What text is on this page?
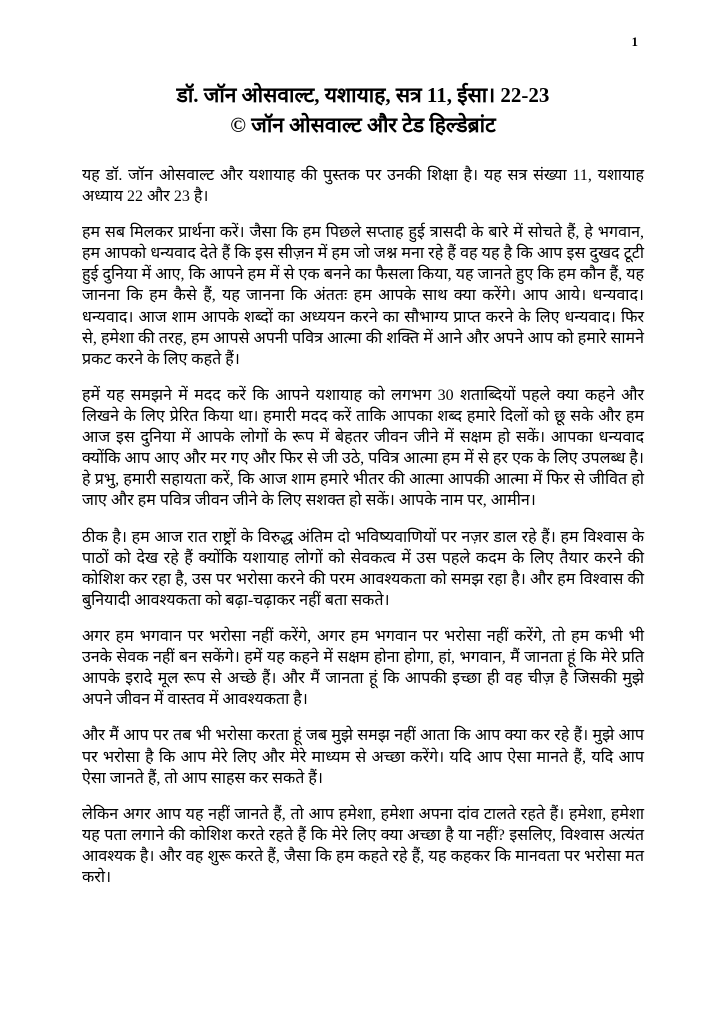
1
डॉ. जॉन ओसवाल्ट, यशायाह, सत्र 11, ईसा। 22-23
© जॉन ओसवाल्ट और टेड हिल्डेब्रांट

यह डॉ. जॉन ओसवाल्ट और यशायाह की पुस्तक पर उनकी शिक्षा है। यह सत्र संख्या 11, यशायाह अध्याय 22 और 23 है।

हम सब मिलकर प्रार्थना करें। जैसा कि हम पिछले सप्ताह हुई त्रासदी के बारे में सोचते हैं, हे भगवान, हम आपको धन्यवाद देते हैं कि इस सीज़न में हम जो जश्न मना रहे हैं वह यह है कि आप इस दुखद टूटी हुई दुनिया में आए, कि आपने हम में से एक बनने का फैसला किया, यह जानते हुए कि हम कौन हैं, यह जानना कि हम कैसे हैं, यह जानना कि अंततः हम आपके साथ क्या करेंगे। आप आये। धन्यवाद। धन्यवाद। आज शाम आपके शब्दों का अध्ययन करने का सौभाग्य प्राप्त करने के लिए धन्यवाद। फिर से, हमेशा की तरह, हम आपसे अपनी पवित्र आत्मा की शक्ति में आने और अपने आप को हमारे सामने प्रकट करने के लिए कहते हैं।

हमें यह समझने में मदद करें कि आपने यशायाह को लगभग 30 शताब्दियों पहले क्या कहने और लिखने के लिए प्रेरित किया था। हमारी मदद करें ताकि आपका शब्द हमारे दिलों को छू सके और हम आज इस दुनिया में आपके लोगों के रूप में बेहतर जीवन जीने में सक्षम हो सकें। आपका धन्यवाद क्योंकि आप आए और मर गए और फिर से जी उठे, पवित्र आत्मा हम में से हर एक के लिए उपलब्ध है। हे प्रभु, हमारी सहायता करें, कि आज शाम हमारे भीतर की आत्मा आपकी आत्मा में फिर से जीवित हो जाए और हम पवित्र जीवन जीने के लिए सशक्त हो सकें। आपके नाम पर, आमीन।

ठीक है। हम आज रात राष्ट्रों के विरुद्ध अंतिम दो भविष्यवाणियों पर नज़र डाल रहे हैं। हम विश्वास के पाठों को देख रहे हैं क्योंकि यशायाह लोगों को सेवकत्व में उस पहले कदम के लिए तैयार करने की कोशिश कर रहा है, उस पर भरोसा करने की परम आवश्यकता को समझ रहा है। और हम विश्वास की बुनियादी आवश्यकता को बढ़ा-चढ़ाकर नहीं बता सकते।

अगर हम भगवान पर भरोसा नहीं करेंगे, अगर हम भगवान पर भरोसा नहीं करेंगे, तो हम कभी भी उनके सेवक नहीं बन सकेंगे। हमें यह कहने में सक्षम होना होगा, हां, भगवान, मैं जानता हूं कि मेरे प्रति आपके इरादे मूल रूप से अच्छे हैं। और मैं जानता हूं कि आपकी इच्छा ही वह चीज़ है जिसकी मुझे अपने जीवन में वास्तव में आवश्यकता है।

और मैं आप पर तब भी भरोसा करता हूं जब मुझे समझ नहीं आता कि आप क्या कर रहे हैं। मुझे आप पर भरोसा है कि आप मेरे लिए और मेरे माध्यम से अच्छा करेंगे। यदि आप ऐसा मानते हैं, यदि आप ऐसा जानते हैं, तो आप साहस कर सकते हैं।

लेकिन अगर आप यह नहीं जानते हैं, तो आप हमेशा, हमेशा अपना दांव टालते रहते हैं। हमेशा, हमेशा यह पता लगाने की कोशिश करते रहते हैं कि मेरे लिए क्या अच्छा है या नहीं? इसलिए, विश्वास अत्यंत आवश्यक है। और वह शुरू करते हैं, जैसा कि हम कहते रहे हैं, यह कहकर कि मानवता पर भरोसा मत करो।
